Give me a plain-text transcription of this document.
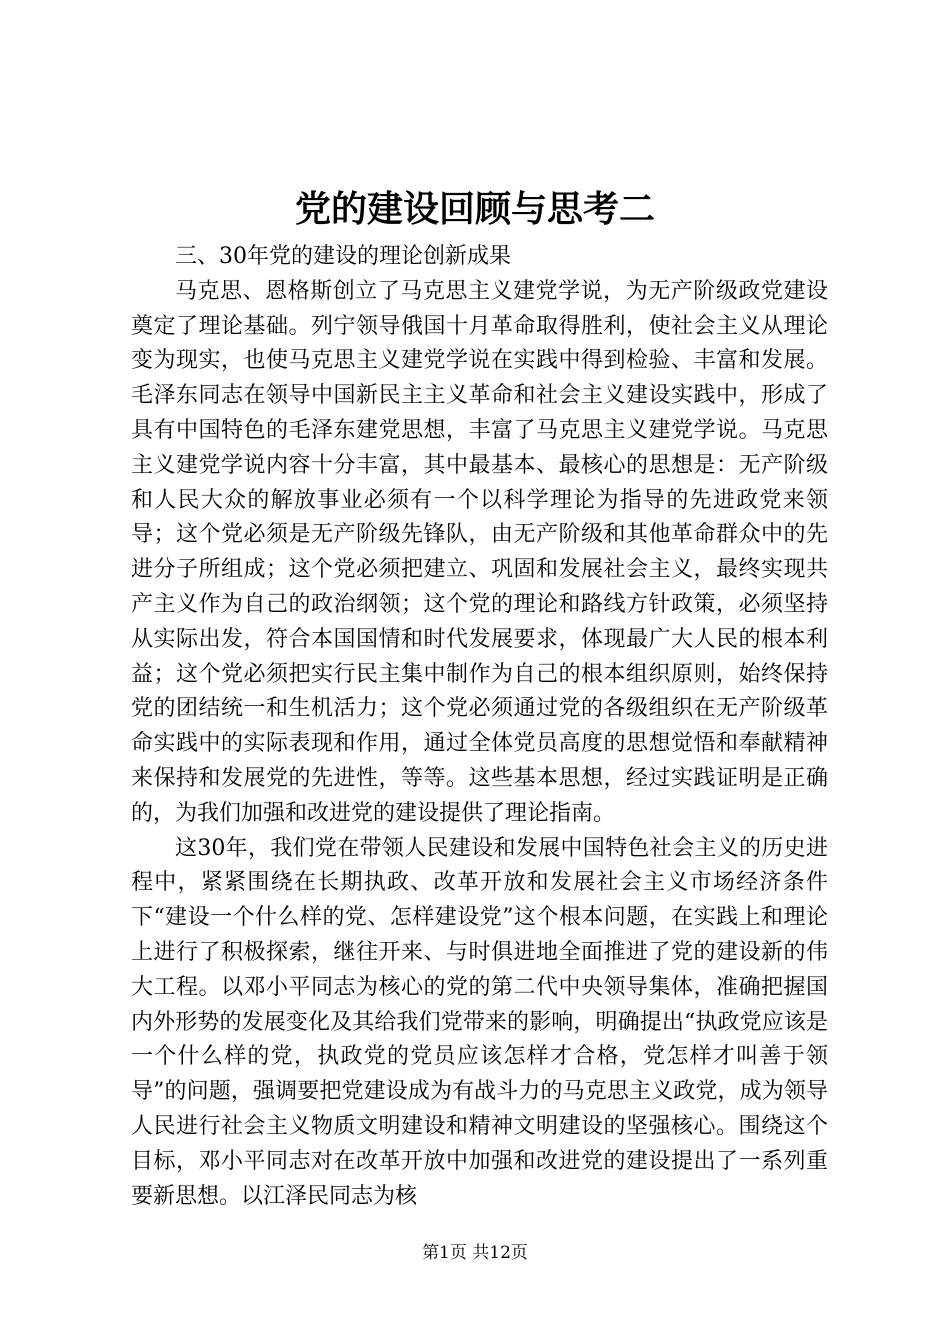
党的建设回顾与思考二

三、30年党的建设的理论创新成果

马克思、恩格斯创立了马克思主义建党学说，为无产阶级政党建设奠定了理论基础。列宁领导俄国十月革命取得胜利，使社会主义从理论变为现实，也使马克思主义建党学说在实践中得到检验、丰富和发展。毛泽东同志在领导中国新民主主义革命和社会主义建设实践中，形成了具有中国特色的毛泽东建党思想，丰富了马克思主义建党学说。马克思主义建党学说内容十分丰富，其中最基本、最核心的思想是：无产阶级和人民大众的解放事业必须有一个以科学理论为指导的先进政党来领导；这个党必须是无产阶级先锋队，由无产阶级和其他革命群众中的先进分子所组成；这个党必须把建立、巩固和发展社会主义，最终实现共产主义作为自己的政治纲领；这个党的理论和路线方针政策，必须坚持从实际出发，符合本国国情和时代发展要求，体现最广大人民的根本利益；这个党必须把实行民主集中制作为自己的根本组织原则，始终保持党的团结统一和生机活力；这个党必须通过党的各级组织在无产阶级革命实践中的实际表现和作用，通过全体党员高度的思想觉悟和奉献精神来保持和发展党的先进性，等等。这些基本思想，经过实践证明是正确的，为我们加强和改进党的建设提供了理论指南。

这30年，我们党在带领人民建设和发展中国特色社会主义的历史进程中，紧紧围绕在长期执政、改革开放和发展社会主义市场经济条件下“建设一个什么样的党、怎样建设党”这个根本问题，在实践上和理论上进行了积极探索，继往开来、与时俱进地全面推进了党的建设新的伟大工程。以邓小平同志为核心的党的第二代中央领导集体，准确把握国内外形势的发展变化及其给我们党带来的影响，明确提出“执政党应该是一个什么样的党，执政党的党员应该怎样才合格，党怎样才叫善于领导”的问题，强调要把党建设成为有战斗力的马克思主义政党，成为领导人民进行社会主义物质文明建设和精神文明建设的坚强核心。围绕这个目标，邓小平同志对在改革开放中加强和改进党的建设提出了一系列重要新思想。以江泽民同志为核

第1页 共12页
